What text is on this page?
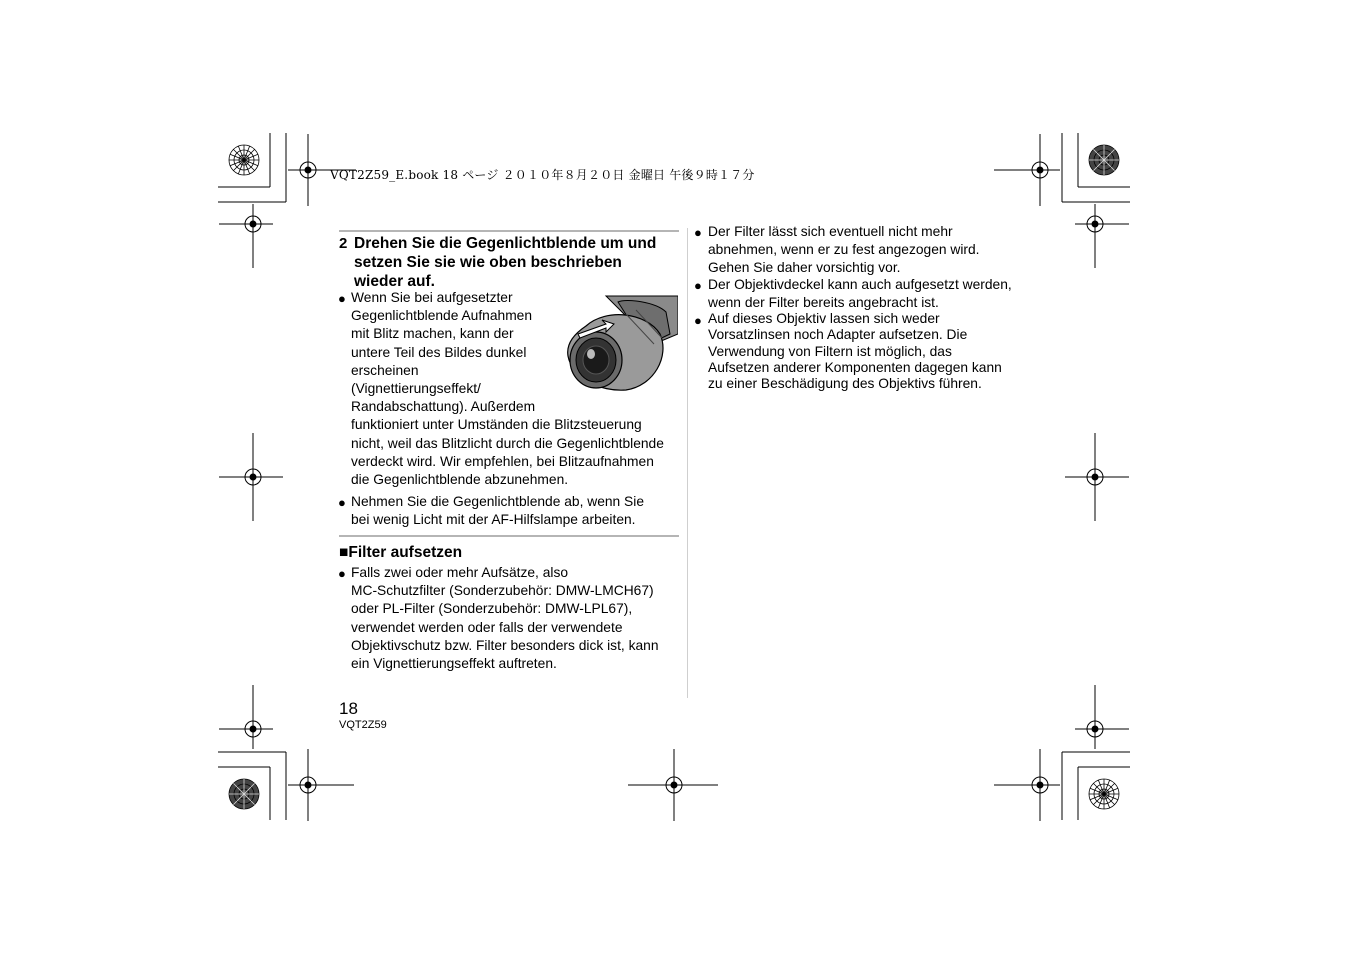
VQT2Z59_E.book 18 ページ ２０１０年８月２０日 金曜日 午後９時１７分
2 Drehen Sie die Gegenlichtblende um und
setzen Sie sie wie oben beschrieben
wieder auf.
● Wenn Sie bei aufgesetzter
Gegenlichtblende Aufnahmen
mit Blitz machen, kann der
untere Teil des Bildes dunkel
erscheinen
(Vignettierungseffekt/
Randabschattung). Außerdem
funktioniert unter Umständen die Blitzsteuerung
nicht, weil das Blitzlicht durch die Gegenlichtblende
verdeckt wird. Wir empfehlen, bei Blitzaufnahmen
die Gegenlichtblende abzunehmen.
● Nehmen Sie die Gegenlichtblende ab, wenn Sie
bei wenig Licht mit der AF-Hilfslampe arbeiten.
■Filter aufsetzen
● Falls zwei oder mehr Aufsätze, also
MC-Schutzfilter (Sonderzubehör: DMW-LMCH67)
oder PL-Filter (Sonderzubehör: DMW-LPL67),
verwendet werden oder falls der verwendete
Objektivschutz bzw. Filter besonders dick ist, kann
ein Vignettierungseffekt auftreten.
● Der Filter lässt sich eventuell nicht mehr
abnehmen, wenn er zu fest angezogen wird.
Gehen Sie daher vorsichtig vor.
● Der Objektivdeckel kann auch aufgesetzt werden,
wenn der Filter bereits angebracht ist.
● Auf dieses Objektiv lassen sich weder
Vorsatzlinsen noch Adapter aufsetzen. Die
Verwendung von Filtern ist möglich, das
Aufsetzen anderer Komponenten dagegen kann
zu einer Beschädigung des Objektivs führen.
18
VQT2Z59
